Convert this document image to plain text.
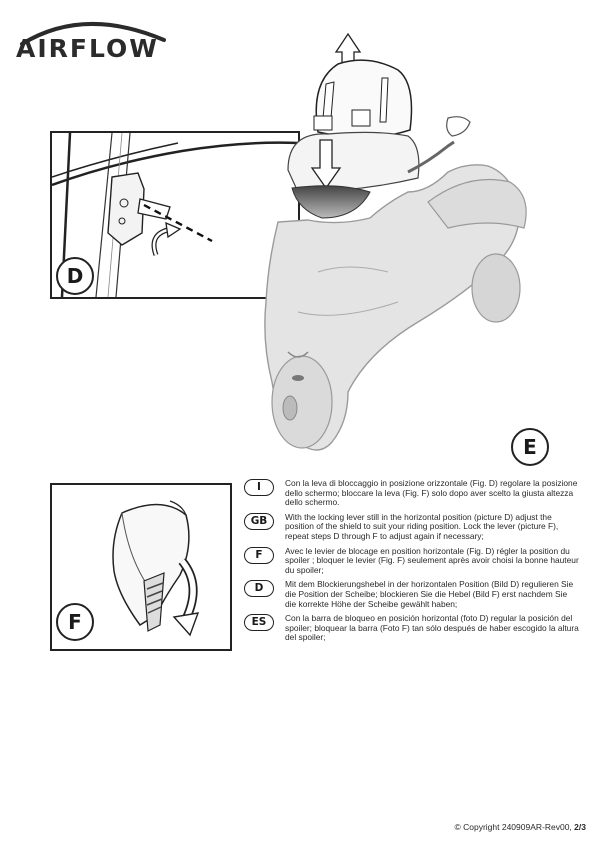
AIRFLOW
D
F
E
I	Con la leva di bloccaggio in posizione orizzontale (Fig. D) regolare la posizione dello schermo; bloccare la leva (Fig. F) solo dopo aver scelto la giusta altezza dello schermo.
GB	With the locking lever still in the horizontal position (picture D) adjust the position of the shield to suit your riding position. Lock the lever (picture F), repeat steps D through F to adjust again if necessary;
F	Avec le levier de blocage en position horizontale (Fig. D) régler la position du spoiler ; bloquer le levier (Fig. F) seulement après avoir choisi la bonne hauteur du spoiler;
D	Mit dem Blockierungshebel in der horizontalen Position (Bild D) regulieren Sie die Position der Scheibe; blockieren Sie die Hebel (Bild F) erst nachdem Sie die korrekte Höhe der Scheibe gewählt haben;
ES	Con la barra de bloqueo en posición horizontal (foto D) regular la posición del spoiler; bloquear la barra (Foto F) tan sólo después de haber escogido la altura del spoiler;
© Copyright 240909AR-Rev00, 2/3
